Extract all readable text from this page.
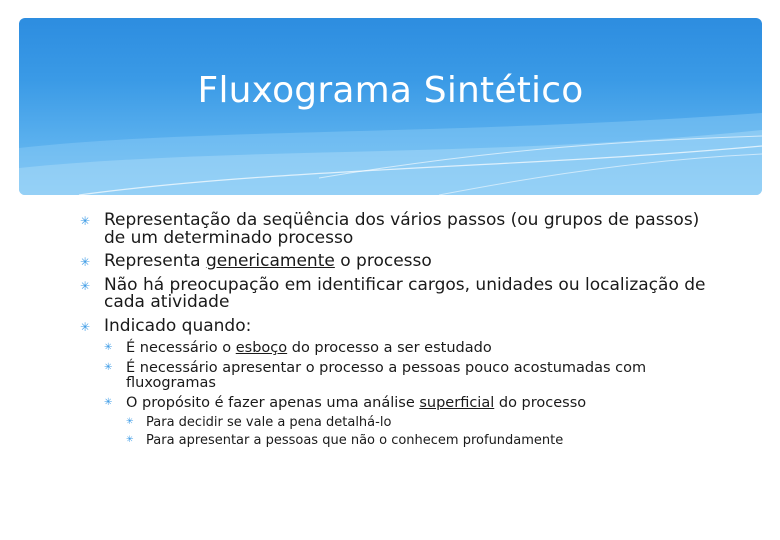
Fluxograma Sintético
✳ Representação da seqüência dos vários passos (ou grupos de passos) de um determinado processo
✳ Representa genericamente o processo
✳ Não há preocupação em identificar cargos, unidades ou localização de cada atividade
✳ Indicado quando:
✳ É necessário o esboço do processo a ser estudado
✳ É necessário apresentar o processo a pessoas pouco acostumadas com fluxogramas
✳ O propósito é fazer apenas uma análise superficial do processo
✳ Para decidir se vale a pena detalhá-lo
✳ Para apresentar a pessoas que não o conhecem profundamente
